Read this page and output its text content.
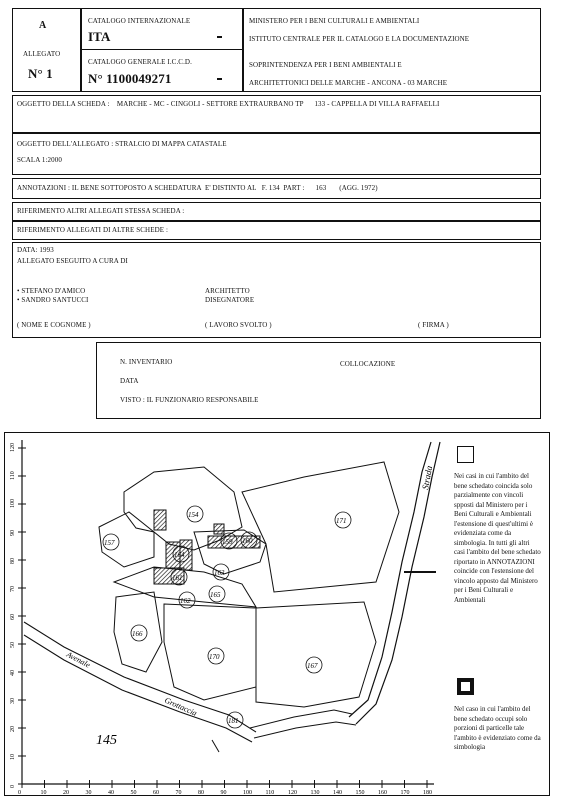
A
ALLEGATO
N° 1
CATALOGO INTERNAZIONALE
ITA
CATALOGO GENERALE I.C.C.D.
N° 1100049271
MINISTERO PER I BENI CULTURALI E AMBIENTALI
ISTITUTO CENTRALE PER IL CATALOGO E LA DOCUMENTAZIONE
SOPRINTENDENZA PER I BENI AMBIENTALI E
ARCHITETTONICI DELLE MARCHE - ANCONA - 03 MARCHE
OGGETTO DELLA SCHEDA :    MARCHE - MC - CINGOLI - SETTORE EXTRAURBANO TP      133 - CAPPELLA DI VILLA RAFFAELLI
OGGETTO DELL'ALLEGATO : STRALCIO DI MAPPA CATASTALE
SCALA 1:2000
ANNOTAZIONI : IL BENE SOTTOPOSTO A SCHEDATURA  E' DISTINTO AL   F. 134  PART :      163       (AGG. 1972)
RIFERIMENTO ALTRI ALLEGATI STESSA SCHEDA :
RIFERIMENTO ALLEGATI DI ALTRE SCHEDE :
DATA: 1993
ALLEGATO ESEGUITO A CURA DI
• STEFANO D'AMICO	ARCHITETTO
• SANDRO SANTUCCI	DISEGNATORE
( NOME E COGNOME )	( LAVORO SVOLTO )	( FIRMA )
N. INVENTARIO	COLLOCAZIONE
DATA
VISTO : IL FUNZIONARIO RESPONSABILE
0	10	20	30	40	50	60	70	80	90	100 110 120 130 140 150 160 170 180
0
10
20
30
40
50
60
70
80
90
100
110
120
Strada
Avenale
Grottaccia
154
157
171
164
159 160
163
161
165
162
166
170
167
181
145
Nei casi in cui l'ambito del bene schedato coincida solo parzialmente con vincoli spposti dal Ministero per i Beni Culturali e Ambientali l'estensione di quest'ultimi è evidenziata come da simbologia. In tutti gli altri casi l'ambito del bene schedato riportato in ANNOTAZIONI coincide con l'estensione del vincolo apposto dal Ministero per i Beni Culturali e Ambientali
Nel caso in cui l'ambito del bene schedato occupi solo porzioni di particelle tale l'ambito è evidenziato come da simbologia
